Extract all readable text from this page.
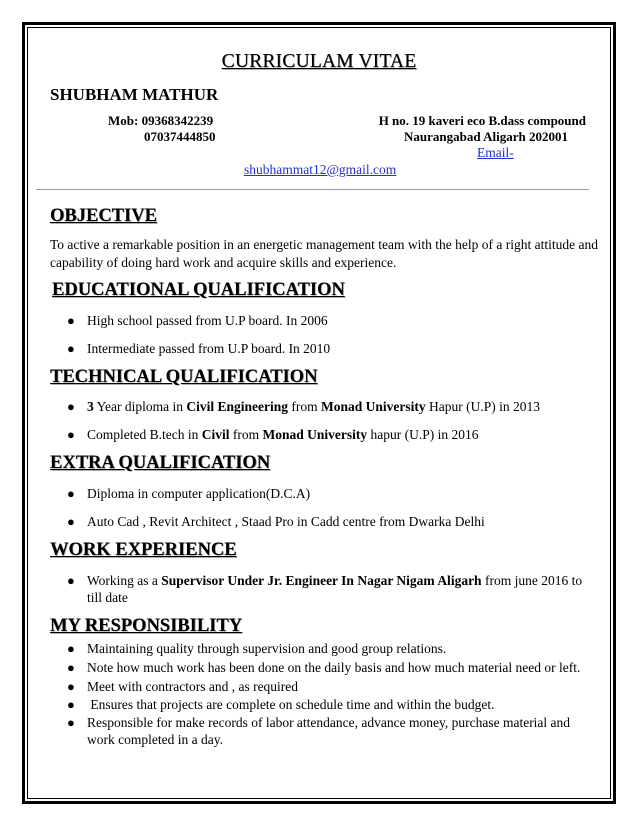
CURRICULAM VITAE
SHUBHAM MATHUR
Mob: 09368342239
07037444850
H no. 19 kaveri eco B.dass compound
Naurangabad Aligarh 202001
Email-
shubhammat12@gmail.com
OBJECTIVE
To active a remarkable position in an energetic management team with the help of a right attitude and capability of doing hard work and acquire skills and experience.
EDUCATIONAL QUALIFICATION
● High school passed from U.P board. In 2006
● Intermediate passed from U.P board. In 2010
TECHNICAL QUALIFICATION
● 3 Year diploma in Civil Engineering from Monad University Hapur (U.P) in 2013
● Completed B.tech in Civil from Monad University hapur (U.P) in 2016
EXTRA QUALIFICATION
● Diploma in computer application(D.C.A)
● Auto Cad , Revit Architect , Staad Pro in Cadd centre from Dwarka Delhi
WORK EXPERIENCE
● Working as a Supervisor Under Jr. Engineer In Nagar Nigam Aligarh from june 2016 to till date
MY RESPONSIBILITY
● Maintaining quality through supervision and good group relations.
● Note how much work has been done on the daily basis and how much material need or left.
● Meet with contractors and , as required
● Ensures that projects are complete on schedule time and within the budget.
● Responsible for make records of labor attendance, advance money, purchase material and work completed in a day.
